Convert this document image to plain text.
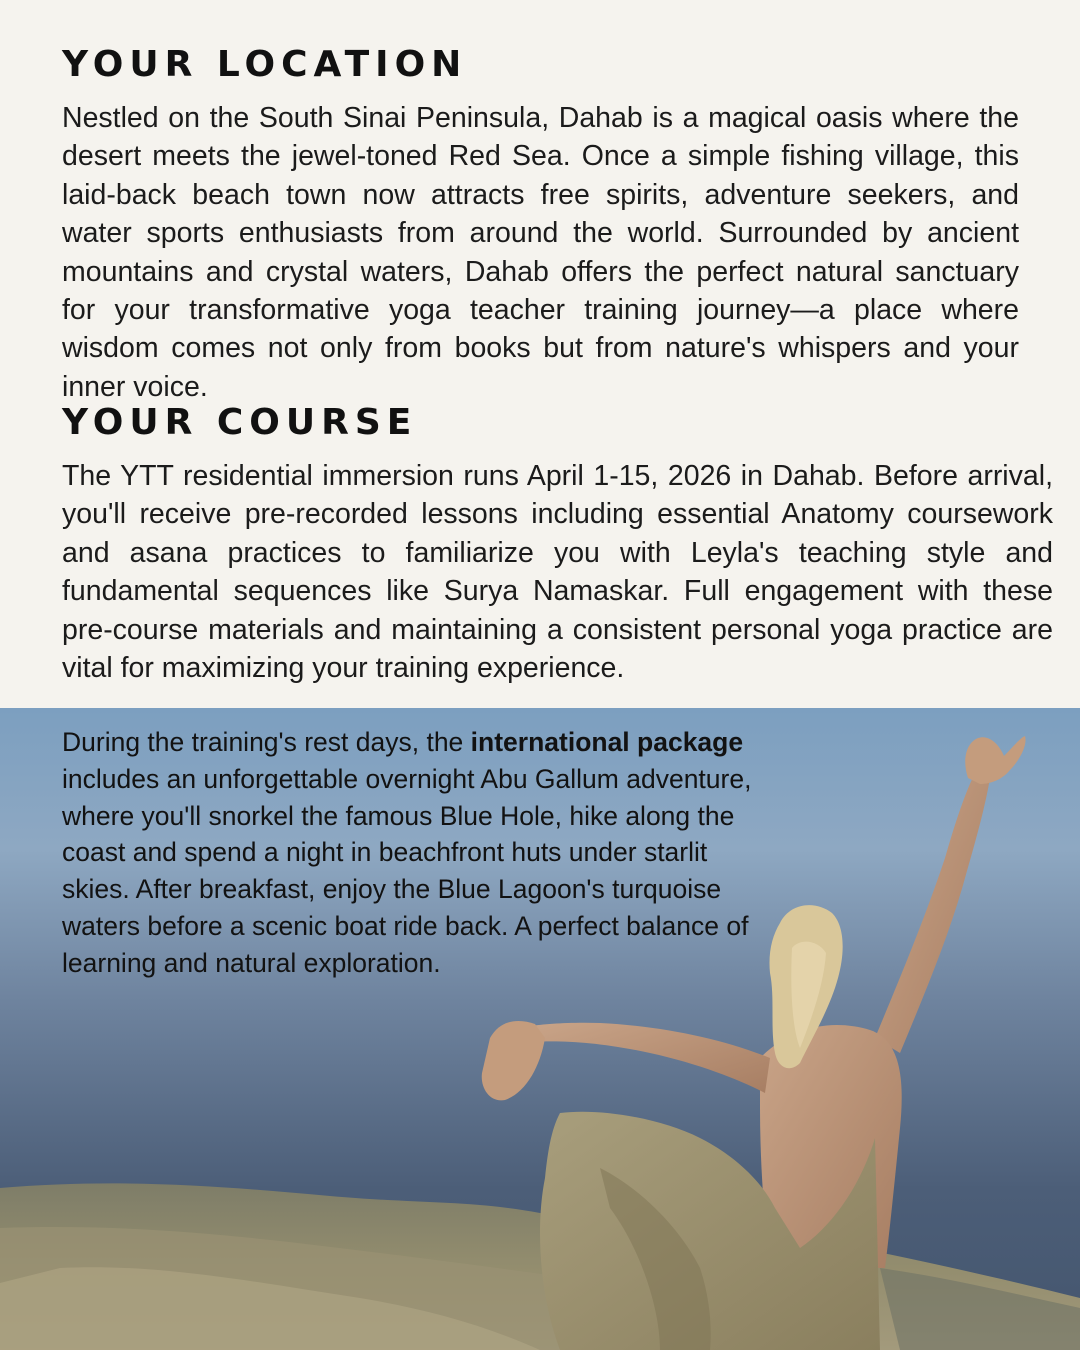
YOUR LOCATION

Nestled on the South Sinai Peninsula, Dahab is a magical oasis where the desert meets the jewel-toned Red Sea. Once a simple fishing village, this laid-back beach town now attracts free spirits, adventure seekers, and water sports enthusiasts from around the world. Surrounded by ancient mountains and crystal waters, Dahab offers the perfect natural sanctuary for your transformative yoga teacher training journey—a place where wisdom comes not only from books but from nature's whispers and your inner voice.

YOUR COURSE

The YTT residential immersion runs April 1-15, 2026 in Dahab. Before arrival, you'll receive pre-recorded lessons including essential Anatomy coursework and asana practices to familiarize you with Leyla's teaching style and fundamental sequences like Surya Namaskar. Full engagement with these pre-course materials and maintaining a consistent personal yoga practice are vital for maximizing your training experience.

During the training's rest days, the international package includes an unforgettable overnight Abu Gallum adventure, where you'll snorkel the famous Blue Hole, hike along the coast and spend a night in beachfront huts under starlit skies. After breakfast, enjoy the Blue Lagoon's turquoise waters before a scenic boat ride back. A perfect balance of learning and natural exploration.
